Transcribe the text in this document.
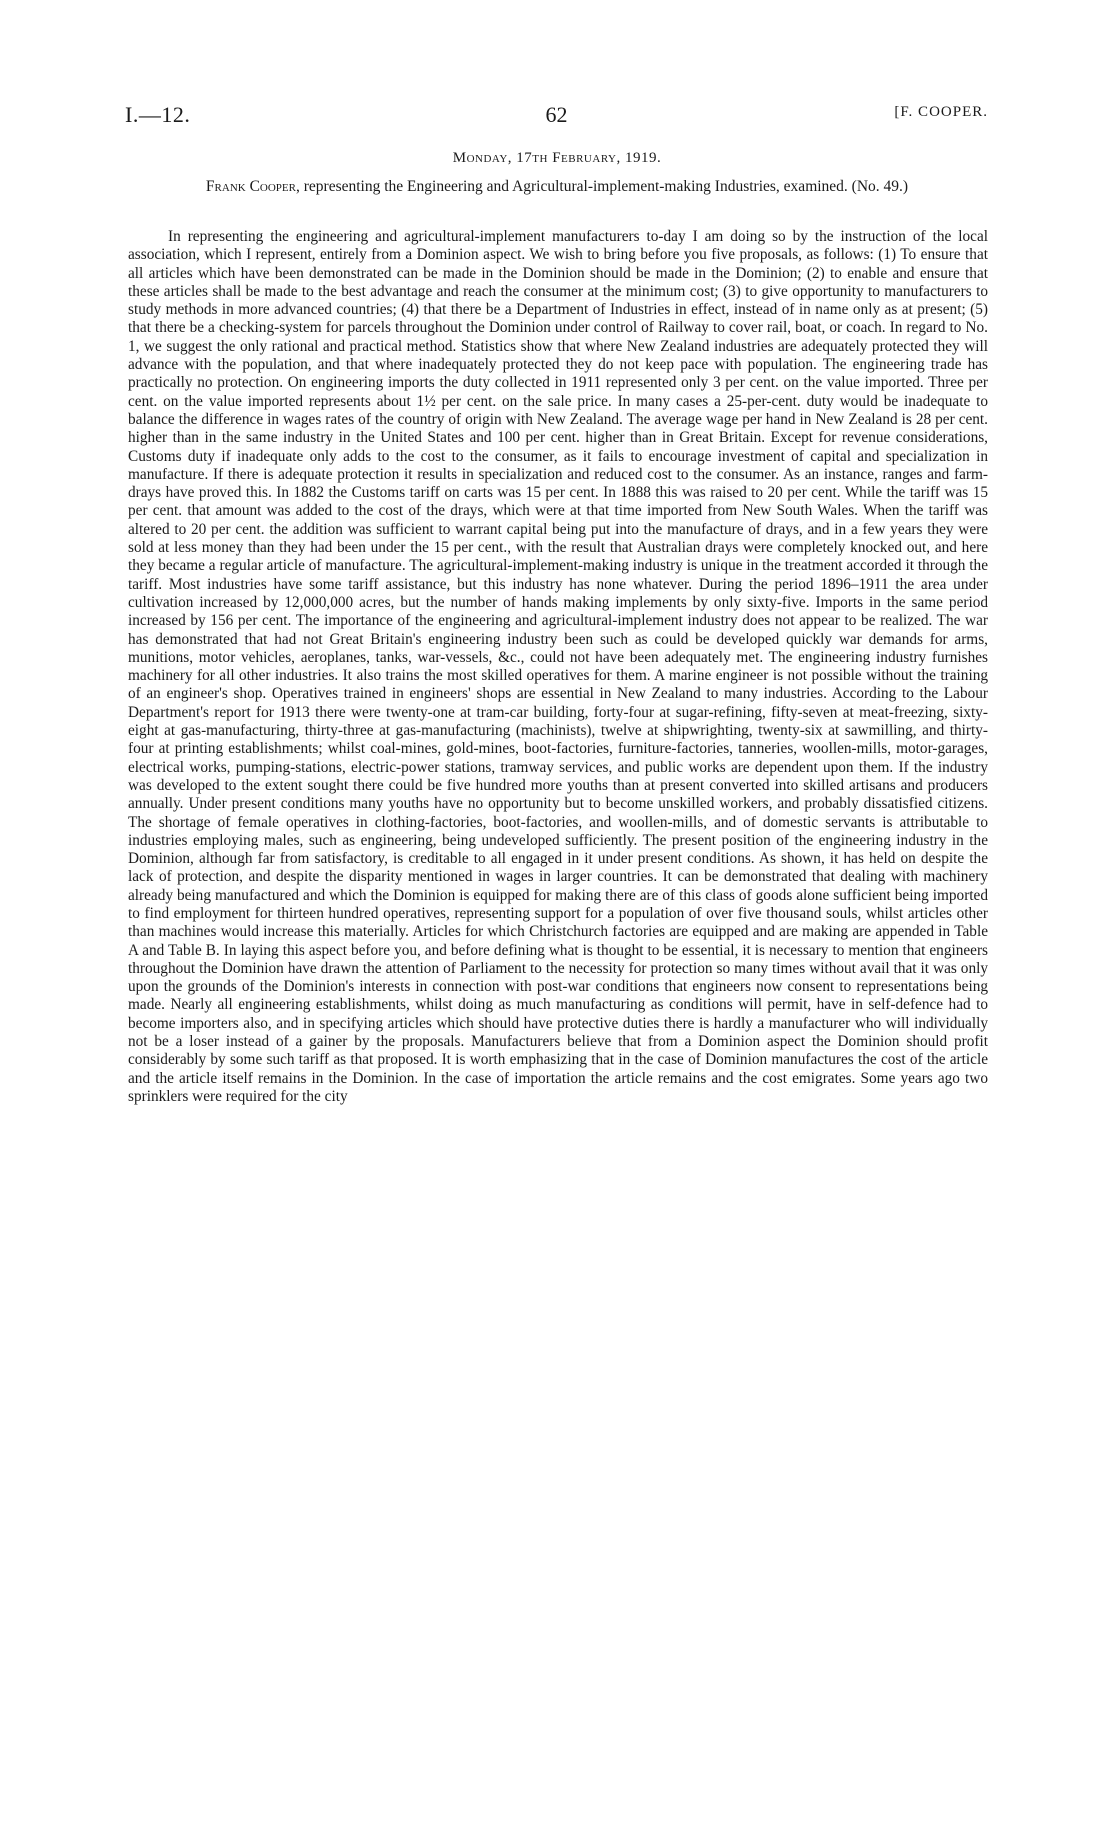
I.—12.	62	[F. COOPER.
Monday, 17th February, 1919.
Frank Cooper, representing the Engineering and Agricultural-implement-making Industries, examined. (No. 49.)

In representing the engineering and agricultural-implement manufacturers to-day I am doing so by the instruction of the local association, which I represent, entirely from a Dominion aspect. We wish to bring before you five proposals, as follows: (1) To ensure that all articles which have been demonstrated can be made in the Dominion should be made in the Dominion; (2) to enable and ensure that these articles shall be made to the best advantage and reach the consumer at the minimum cost; (3) to give opportunity to manufacturers to study methods in more advanced countries; (4) that there be a Department of Industries in effect, instead of in name only as at present; (5) that there be a checking-system for parcels throughout the Dominion under control of Railway to cover rail, boat, or coach. In regard to No. 1, we suggest the only rational and practical method. Statistics show that where New Zealand industries are adequately protected they will advance with the population, and that where inadequately protected they do not keep pace with population. The engineering trade has practically no protection. On engineering imports the duty collected in 1911 represented only 3 per cent. on the value imported. Three per cent. on the value imported represents about 1½ per cent. on the sale price. In many cases a 25-per-cent. duty would be inadequate to balance the difference in wages rates of the country of origin with New Zealand. The average wage per hand in New Zealand is 28 per cent. higher than in the same industry in the United States and 100 per cent. higher than in Great Britain. Except for revenue considerations, Customs duty if inadequate only adds to the cost to the consumer, as it fails to encourage investment of capital and specialization in manufacture. If there is adequate protection it results in specialization and reduced cost to the consumer. As an instance, ranges and farm-drays have proved this. In 1882 the Customs tariff on carts was 15 per cent. In 1888 this was raised to 20 per cent. While the tariff was 15 per cent. that amount was added to the cost of the drays, which were at that time imported from New South Wales. When the tariff was altered to 20 per cent. the addition was sufficient to warrant capital being put into the manufacture of drays, and in a few years they were sold at less money than they had been under the 15 per cent., with the result that Australian drays were completely knocked out, and here they became a regular article of manufacture. The agricultural-implement-making industry is unique in the treatment accorded it through the tariff. Most industries have some tariff assistance, but this industry has none whatever. During the period 1896–1911 the area under cultivation increased by 12,000,000 acres, but the number of hands making implements by only sixty-five. Imports in the same period increased by 156 per cent. The importance of the engineering and agricultural-implement industry does not appear to be realized. The war has demonstrated that had not Great Britain's engineering industry been such as could be developed quickly war demands for arms, munitions, motor vehicles, aeroplanes, tanks, war-vessels, &c., could not have been adequately met. The engineering industry furnishes machinery for all other industries. It also trains the most skilled operatives for them. A marine engineer is not possible without the training of an engineer's shop. Operatives trained in engineers' shops are essential in New Zealand to many industries. According to the Labour Department's report for 1913 there were twenty-one at tram-car building, forty-four at sugar-refining, fifty-seven at meat-freezing, sixty-eight at gas-manufacturing, thirty-three at gas-manufacturing (machinists), twelve at shipwrighting, twenty-six at sawmilling, and thirty-four at printing establishments; whilst coal-mines, gold-mines, boot-factories, furniture-factories, tanneries, woollen-mills, motor-garages, electrical works, pumping-stations, electric-power stations, tramway services, and public works are dependent upon them. If the industry was developed to the extent sought there could be five hundred more youths than at present converted into skilled artisans and producers annually. Under present conditions many youths have no opportunity but to become unskilled workers, and probably dissatisfied citizens. The shortage of female operatives in clothing-factories, boot-factories, and woollen-mills, and of domestic servants is attributable to industries employing males, such as engineering, being undeveloped sufficiently. The present position of the engineering industry in the Dominion, although far from satisfactory, is creditable to all engaged in it under present conditions. As shown, it has held on despite the lack of protection, and despite the disparity mentioned in wages in larger countries. It can be demonstrated that dealing with machinery already being manufactured and which the Dominion is equipped for making there are of this class of goods alone sufficient being imported to find employment for thirteen hundred operatives, representing support for a population of over five thousand souls, whilst articles other than machines would increase this materially. Articles for which Christchurch factories are equipped and are making are appended in Table A and Table B. In laying this aspect before you, and before defining what is thought to be essential, it is necessary to mention that engineers throughout the Dominion have drawn the attention of Parliament to the necessity for protection so many times without avail that it was only upon the grounds of the Dominion's interests in connection with post-war conditions that engineers now consent to representations being made. Nearly all engineering establishments, whilst doing as much manufacturing as conditions will permit, have in self-defence had to become importers also, and in specifying articles which should have protective duties there is hardly a manufacturer who will individually not be a loser instead of a gainer by the proposals. Manufacturers believe that from a Dominion aspect the Dominion should profit considerably by some such tariff as that proposed. It is worth emphasizing that in the case of Dominion manufactures the cost of the article and the article itself remains in the Dominion. In the case of importation the article remains and the cost emigrates. Some years ago two sprinklers were required for the city
